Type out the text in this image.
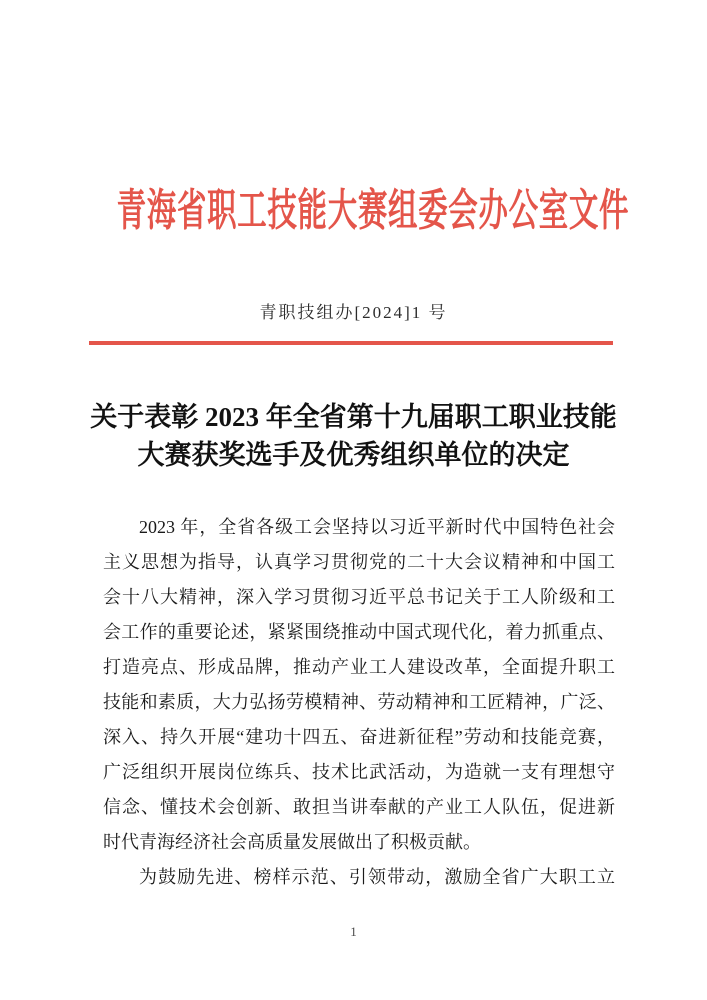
青海省职工技能大赛组委会办公室文件
青职技组办[2024]1 号
关于表彰 2023 年全省第十九届职工职业技能
大赛获奖选手及优秀组织单位的决定
2023 年，全省各级工会坚持以习近平新时代中国特色社会
主义思想为指导，认真学习贯彻党的二十大会议精神和中国工
会十八大精神，深入学习贯彻习近平总书记关于工人阶级和工
会工作的重要论述，紧紧围绕推动中国式现代化，着力抓重点、
打造亮点、形成品牌，推动产业工人建设改革，全面提升职工
技能和素质，大力弘扬劳模精神、劳动精神和工匠精神，广泛、
深入、持久开展“建功十四五、奋进新征程”劳动和技能竞赛，
广泛组织开展岗位练兵、技术比武活动，为造就一支有理想守
信念、懂技术会创新、敢担当讲奉献的产业工人队伍，促进新
时代青海经济社会高质量发展做出了积极贡献。
为鼓励先进、榜样示范、引领带动，激励全省广大职工立
1
